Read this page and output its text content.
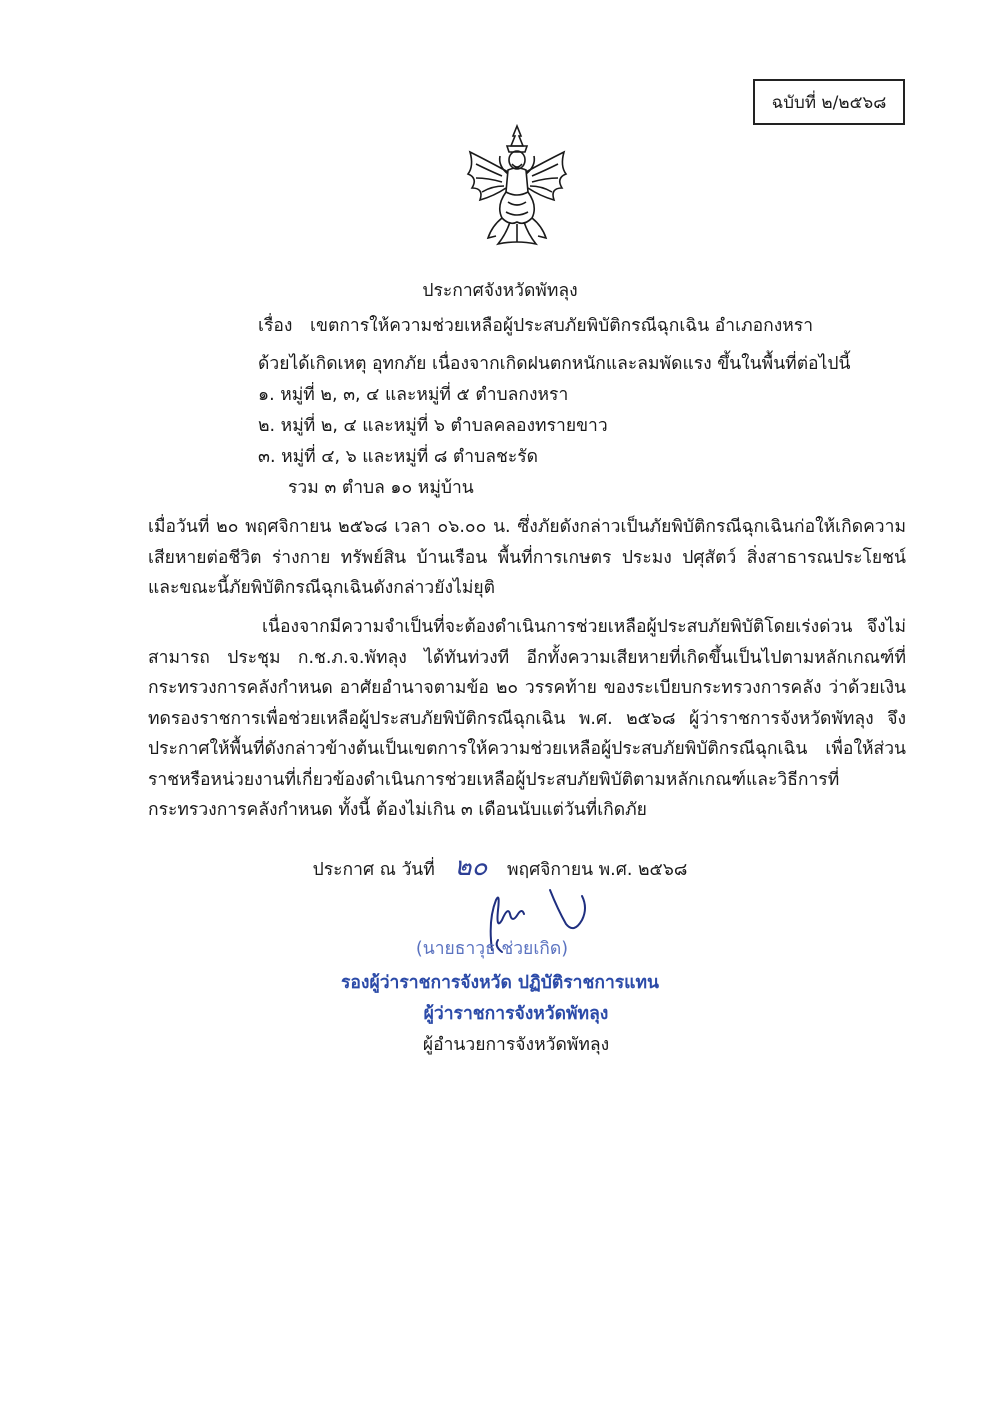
ฉบับที่ ๒/๒๕๖๘
ประกาศจังหวัดพัทลุง
เรื่อง เขตการให้ความช่วยเหลือผู้ประสบภัยพิบัติกรณีฉุกเฉิน อำเภอกงหรา
ด้วยได้เกิดเหตุ อุทกภัย เนื่องจากเกิดฝนตกหนักและลมพัดแรง ขึ้นในพื้นที่ต่อไปนี้
๑. หมู่ที่ ๒, ๓, ๔ และหมู่ที่ ๕ ตำบลกงหรา
๒. หมู่ที่ ๒, ๔ และหมู่ที่ ๖ ตำบลคลองทรายขาว
๓. หมู่ที่ ๔, ๖ และหมู่ที่ ๘ ตำบลชะรัด
รวม ๓ ตำบล ๑๐ หมู่บ้าน
เมื่อวันที่ ๒๐ พฤศจิกายน ๒๕๖๘ เวลา ๐๖.๐๐ น. ซึ่งภัยดังกล่าวเป็นภัยพิบัติกรณีฉุกเฉินก่อให้เกิดความเสียหายต่อชีวิต ร่างกาย ทรัพย์สิน บ้านเรือน พื้นที่การเกษตร ประมง ปศุสัตว์ สิ่งสาธารณประโยชน์ และขณะนี้ภัยพิบัติกรณีฉุกเฉินดังกล่าวยังไม่ยุติ
เนื่องจากมีความจำเป็นที่จะต้องดำเนินการช่วยเหลือผู้ประสบภัยพิบัติโดยเร่งด่วน จึงไม่สามารถ ประชุม ก.ช.ภ.จ.พัทลุง ได้ทันท่วงที อีกทั้งความเสียหายที่เกิดขึ้นเป็นไปตามหลักเกณฑ์ที่กระทรวงการคลังกำหนด อาศัยอำนาจตามข้อ ๒๐ วรรคท้าย ของระเบียบกระทรวงการคลัง ว่าด้วยเงินทดรองราชการเพื่อช่วยเหลือผู้ประสบภัยพิบัติกรณีฉุกเฉิน พ.ศ. ๒๕๖๘ ผู้ว่าราชการจังหวัดพัทลุง จึงประกาศให้พื้นที่ดังกล่าวข้างต้นเป็นเขตการให้ความช่วยเหลือผู้ประสบภัยพิบัติกรณีฉุกเฉิน เพื่อให้ส่วนราชหรือหน่วยงานที่เกี่ยวข้องดำเนินการช่วยเหลือผู้ประสบภัยพิบัติตามหลักเกณฑ์และวิธีการที่กระทรวงการคลังกำหนด ทั้งนี้ ต้องไม่เกิน ๓ เดือนนับแต่วันที่เกิดภัย
ประกาศ ณ วันที่ ๒๐ พฤศจิกายน พ.ศ. ๒๕๖๘
(นายธาวุธ ช่วยเกิด)
รองผู้ว่าราชการจังหวัด ปฏิบัติราชการแทน
ผู้ว่าราชการจังหวัดพัทลุง
ผู้อำนวยการจังหวัดพัทลุง
